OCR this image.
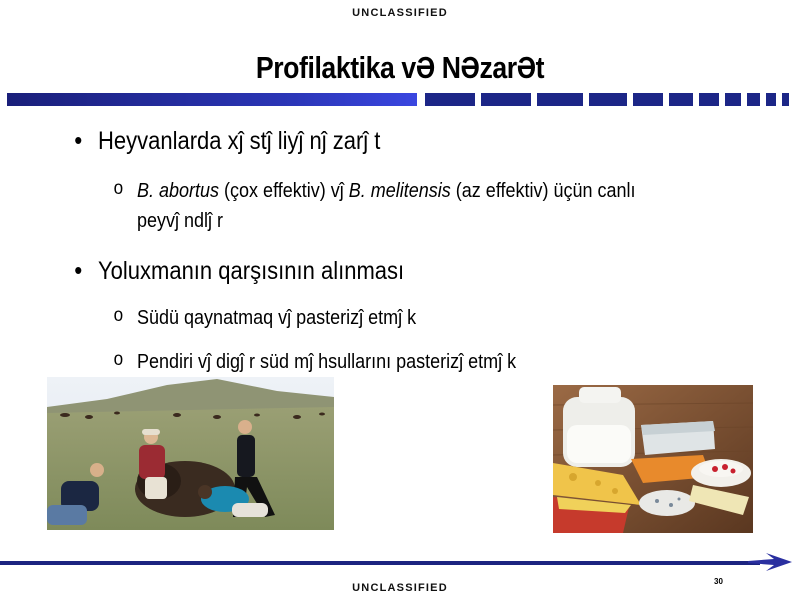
UNCLASSIFIED
Profilaktika vӘ NӘzarӘt
• Heyvanlarda xĵ stĵ liyĵ nĵ zarĵ t
o B. abortus (çox effektiv) vĵ B. melitensis (az effektiv) üçün canlı
peyvĵ ndlĵ r
• Yoluxmanın qarşısının alınması
o Südü qaynatmaq vĵ pasterizĵ etmĵ k
o Pendiri vĵ digĵ r süd mĵ hsullarını pasterizĵ etmĵ k
30
UNCLASSIFIED
